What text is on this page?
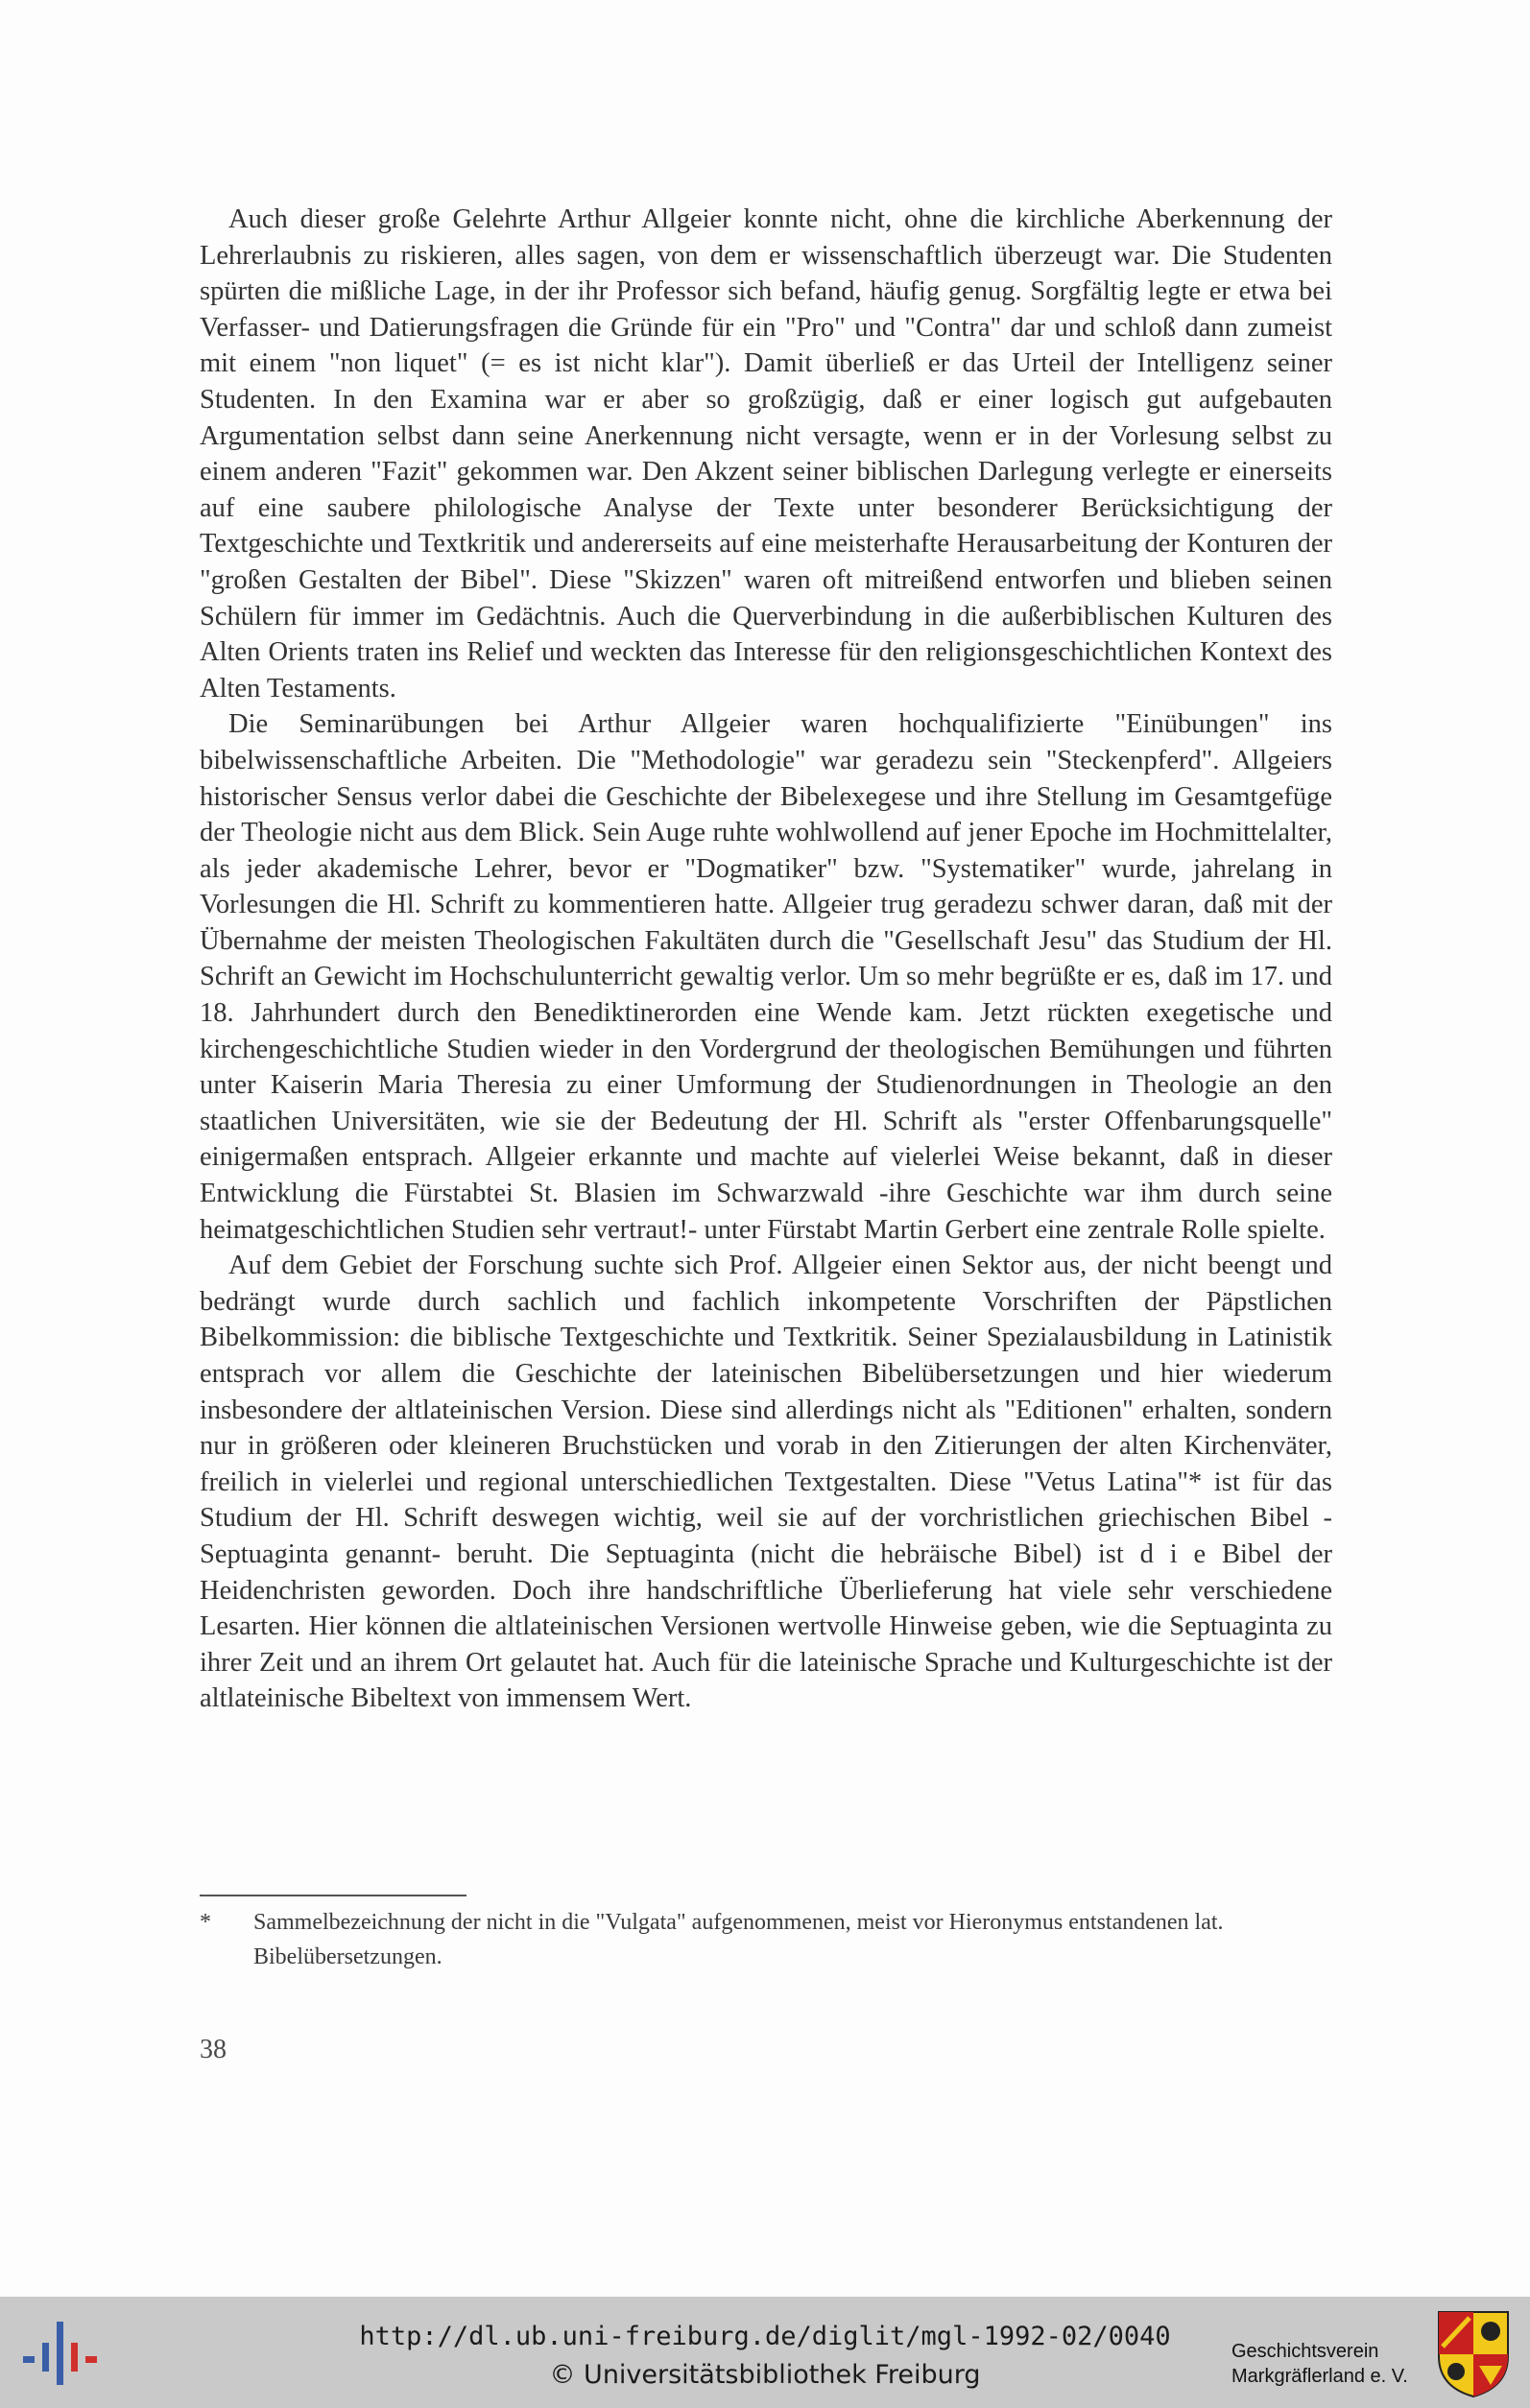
Auch dieser große Gelehrte Arthur Allgeier konnte nicht, ohne die kirchliche Aberkennung der Lehrerlaubnis zu riskieren, alles sagen, von dem er wissenschaftlich überzeugt war. Die Studenten spürten die mißliche Lage, in der ihr Professor sich befand, häufig genug. Sorgfältig legte er etwa bei Verfasser- und Datierungsfragen die Gründe für ein "Pro" und "Contra" dar und schloß dann zumeist mit einem "non liquet" (= es ist nicht klar"). Damit überließ er das Urteil der Intelligenz seiner Studenten. In den Examina war er aber so großzügig, daß er einer logisch gut aufgebauten Argumentation selbst dann seine Anerkennung nicht versagte, wenn er in der Vorlesung selbst zu einem anderen "Fazit" gekommen war. Den Akzent seiner biblischen Darlegung verlegte er einerseits auf eine saubere philologische Analyse der Texte unter besonderer Berücksichtigung der Textgeschichte und Textkritik und andererseits auf eine meisterhafte Herausarbeitung der Konturen der "großen Gestalten der Bibel". Diese "Skizzen" waren oft mitreißend entworfen und blieben seinen Schülern für immer im Gedächtnis. Auch die Querverbindung in die außerbiblischen Kulturen des Alten Orients traten ins Relief und weckten das Interesse für den religionsgeschichtlichen Kontext des Alten Testaments.

Die Seminarübungen bei Arthur Allgeier waren hochqualifizierte "Einübungen" ins bibelwissenschaftliche Arbeiten. Die "Methodologie" war geradezu sein "Steckenpferd". Allgeiers historischer Sensus verlor dabei die Geschichte der Bibelexegese und ihre Stellung im Gesamtgefüge der Theologie nicht aus dem Blick. Sein Auge ruhte wohlwollend auf jener Epoche im Hochmittelalter, als jeder akademische Lehrer, bevor er "Dogmatiker" bzw. "Systematiker" wurde, jahrelang in Vorlesungen die Hl. Schrift zu kommentieren hatte. Allgeier trug geradezu schwer daran, daß mit der Übernahme der meisten Theologischen Fakultäten durch die "Gesellschaft Jesu" das Studium der Hl. Schrift an Gewicht im Hochschulunterricht gewaltig verlor. Um so mehr begrüßte er es, daß im 17. und 18. Jahrhundert durch den Benediktinerorden eine Wende kam. Jetzt rückten exegetische und kirchengeschichtliche Studien wieder in den Vordergrund der theologischen Bemühungen und führten unter Kaiserin Maria Theresia zu einer Umformung der Studienordnungen in Theologie an den staatlichen Universitäten, wie sie der Bedeutung der Hl. Schrift als "erster Offenbarungsquelle" einigermaßen entsprach. Allgeier erkannte und machte auf vielerlei Weise bekannt, daß in dieser Entwicklung die Fürstabtei St. Blasien im Schwarzwald -ihre Geschichte war ihm durch seine heimatgeschichtlichen Studien sehr vertraut!- unter Fürstabt Martin Gerbert eine zentrale Rolle spielte.

Auf dem Gebiet der Forschung suchte sich Prof. Allgeier einen Sektor aus, der nicht beengt und bedrängt wurde durch sachlich und fachlich inkompetente Vorschriften der Päpstlichen Bibelkommission: die biblische Textgeschichte und Textkritik. Seiner Spezialausbildung in Latinistik entsprach vor allem die Geschichte der lateinischen Bibelübersetzungen und hier wiederum insbesondere der altlateinischen Version. Diese sind allerdings nicht als "Editionen" erhalten, sondern nur in größeren oder kleineren Bruchstücken und vorab in den Zitierungen der alten Kirchenväter, freilich in vielerlei und regional unterschiedlichen Textgestalten. Diese "Vetus Latina"* ist für das Studium der Hl. Schrift deswegen wichtig, weil sie auf der vorchristlichen griechischen Bibel -Septuaginta genannt- beruht. Die Septuaginta (nicht die hebräische Bibel) ist d i e Bibel der Heidenchristen geworden. Doch ihre handschriftliche Überlieferung hat viele sehr verschiedene Lesarten. Hier können die altlateinischen Versionen wertvolle Hinweise geben, wie die Septuaginta zu ihrer Zeit und an ihrem Ort gelautet hat. Auch für die lateinische Sprache und Kulturgeschichte ist der altlateinische Bibeltext von immensem Wert.

* Sammelbezeichnung der nicht in die "Vulgata" aufgenommenen, meist vor Hieronymus entstandenen lat. Bibelübersetzungen.
38
http://dl.ub.uni-freiburg.de/diglit/mgl-1992-02/0040
© Universitätsbibliothek Freiburg
Geschichtsverein
Markgräflerland e. V.
